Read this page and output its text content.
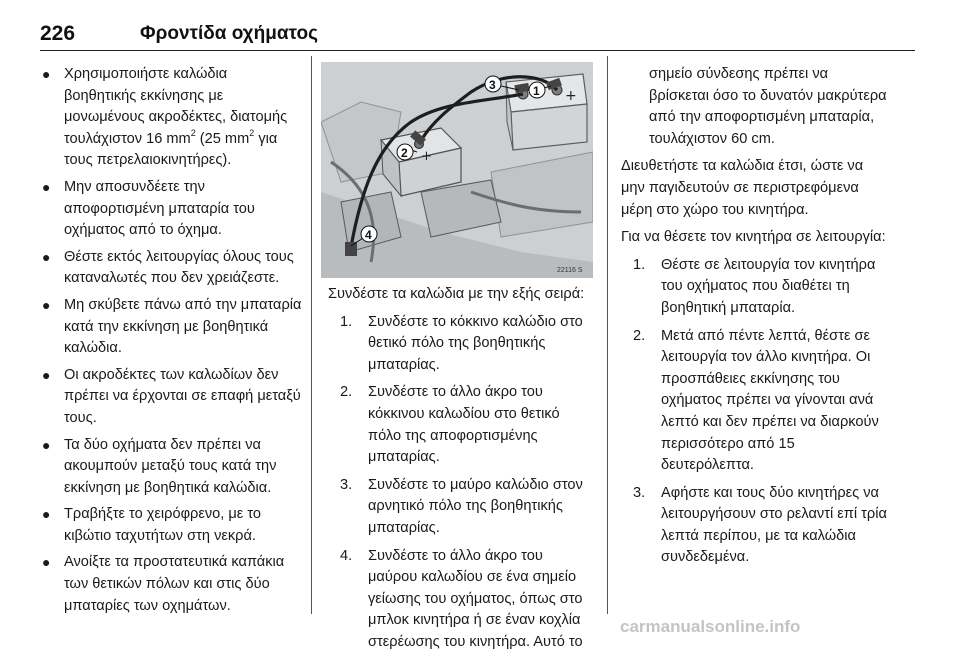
226	Φροντίδα οχήματος
● Χρησιμοποιήστε καλώδια βοηθητικής εκκίνησης με μονωμένους ακροδέκτες, διατομής τουλάχιστον 16 $mm^2$ (25 $mm^2$ για τους πετρελαιοκινητήρες).
● Μην αποσυνδέετε την αποφορτισμένη μπαταρία του οχήματος από το όχημα.
● Θέστε εκτός λειτουργίας όλους τους καταναλωτές που δεν χρειάζεστε.
● Μη σκύβετε πάνω από την μπαταρία κατά την εκκίνηση με βοηθητικά καλώδια.
● Οι ακροδέκτες των καλωδίων δεν πρέπει να έρχονται σε επαφή μεταξύ τους.
● Τα δύο οχήματα δεν πρέπει να ακουμπούν μεταξύ τους κατά την εκκίνηση με βοηθητικά καλώδια.
● Τραβήξτε το χειρόφρενο, με το κιβώτιο ταχυτήτων στη νεκρά.
● Ανοίξτε τα προστατευτικά καπάκια των θετικών πόλων και στις δύο μπαταρίες των οχημάτων.
+
+
1
2
3
4
22116 S

Συνδέστε τα καλώδια με την εξής σειρά:

1. Συνδέστε το κόκκινο καλώδιο στο θετικό πόλο της βοηθητικής μπαταρίας.
2. Συνδέστε το άλλο άκρο του κόκκινου καλωδίου στο θετικό πόλο της αποφορτισμένης μπαταρίας.
3. Συνδέστε το μαύρο καλώδιο στον αρνητικό πόλο της βοηθητικής μπαταρίας.
4. Συνδέστε το άλλο άκρο του μαύρου καλωδίου σε ένα σημείο γείωσης του οχήματος, όπως στο μπλοκ κινητήρα ή σε έναν κοχλία στερέωσης του κινητήρα. Αυτό το

σημείο σύνδεσης πρέπει να βρίσκεται όσο το δυνατόν μακρύτερα από την αποφορτισμένη μπαταρία, τουλάχιστον 60 cm.

Διευθετήστε τα καλώδια έτσι, ώστε να μην παγιδευτούν σε περιστρεφόμενα μέρη στο χώρο του κινητήρα.

Για να θέσετε τον κινητήρα σε λειτουργία:

1. Θέστε σε λειτουργία τον κινητήρα του οχήματος που διαθέτει τη βοηθητική μπαταρία.
2. Μετά από πέντε λεπτά, θέστε σε λειτουργία τον άλλο κινητήρα. Οι προσπάθειες εκκίνησης του οχήματος πρέπει να γίνονται ανά λεπτό και δεν πρέπει να διαρκούν περισσότερο από 15 δευτερόλεπτα.
3. Αφήστε και τους δύο κινητήρες να λειτουργήσουν στο ρελαντί επί τρία λεπτά περίπου, με τα καλώδια συνδεδεμένα.
carmanualsonline.info
